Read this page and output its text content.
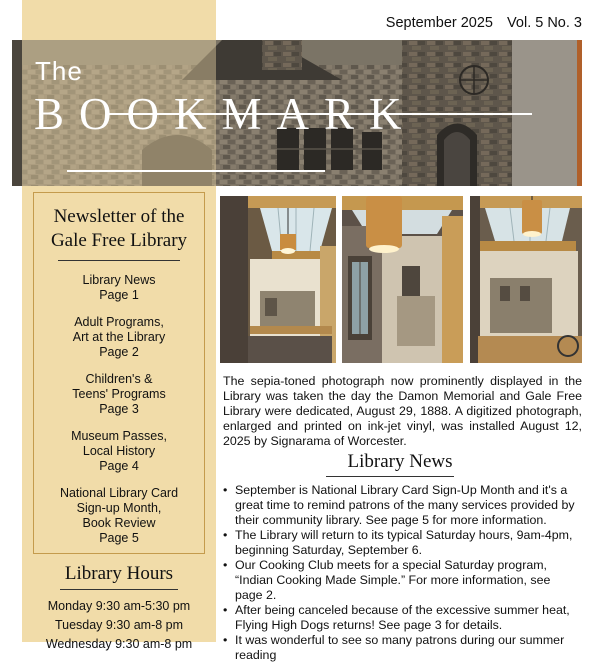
September 2025 Vol. 5 No. 3
The
BOOKMARK
Newsletter of the
Gale Free Library
Library News
Page 1
Adult Programs,
Art at the Library
Page 2
Children's &
Teens' Programs
Page 3
Museum Passes,
Local History
Page 4
National Library Card
Sign-up Month,
Book Review
Page 5
Library Hours
Monday 9:30 am-5:30 pm
Tuesday 9:30 am-8 pm
Wednesday 9:30 am-8 pm
The sepia-toned photograph now prominently displayed in the Library was taken the day the Damon Memorial and Gale Free Library were dedicated, August 29, 1888. A digitized photograph, enlarged and printed on ink-jet vinyl, was installed August 12, 2025 by Signarama of Worcester.
Library News
• September is National Library Card Sign-Up Month and it's a great time to remind patrons of the many services provided by their community library. See page 5 for more information.
• The Library will return to its typical Saturday hours, 9am-4pm, beginning Saturday, September 6.
• Our Cooking Club meets for a special Saturday program, “Indian Cooking Made Simple.” For more information, see page 2.
• After being canceled because of the excessive summer heat, Flying High Dogs returns! See page 3 for details.
• It was wonderful to see so many patrons during our summer reading
